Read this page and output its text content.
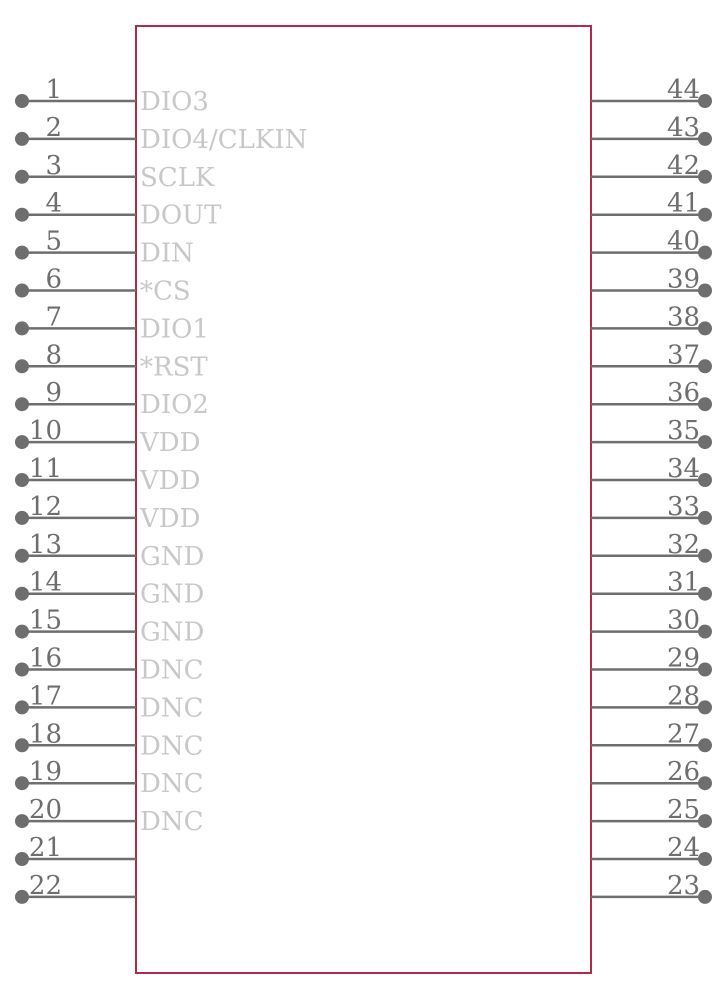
1	DIO3
2	DIO4/CLKIN
3	SCLK
4	DOUT
5	DIN
6	*CS
7	DIO1
8	*RST
9	DIO2
10	VDD
11	VDD
12	VDD
13	GND
14	GND
15	GND
16	DNC
17	DNC
18	DNC
19	DNC
20	DNC
21
22
44
43
42
41
40
39
38
37
36
35
34
33
32
31
30
29
28
27
26
25
24
23
